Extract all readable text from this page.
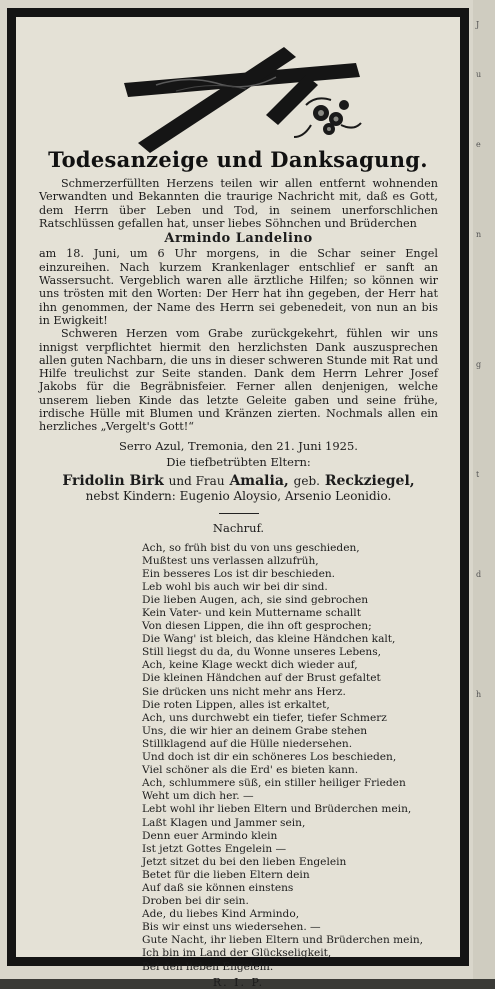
J
u
e
n
g
t
d
h
Todesanzeige und Danksagung.

Schmerzerfüllten Herzens teilen wir allen entfernt wohnenden Verwandten und Bekannten die traurige Nachricht mit, daß es Gott, dem Herrn über Leben und Tod, in seinem unerforschlichen Ratschlüssen gefallen hat, unser liebes Söhnchen und Brüderchen

Armindo Landelino

am 18. Juni, um 6 Uhr morgens, in die Schar seiner Engel einzureihen. Nach kurzem Krankenlager entschlief er sanft an Wassersucht. Vergeblich waren alle ärztliche Hilfen; so können wir uns trösten mit den Worten: Der Herr hat ihn gegeben, der Herr hat ihn genommen, der Name des Herrn sei gebenedeit, von nun an bis in Ewigkeit!

Schweren Herzen vom Grabe zurückgekehrt, fühlen wir uns innigst verpflichtet hiermit den herzlichsten Dank auszusprechen allen guten Nachbarn, die uns in dieser schweren Stunde mit Rat und Hilfe treulichst zur Seite standen. Dank dem Herrn Lehrer Josef Jakobs für die Begräbnisfeier. Ferner allen denjenigen, welche unserem lieben Kinde das letzte Geleite gaben und seine frühe, irdische Hülle mit Blumen und Kränzen zierten. Nochmals allen ein herzliches „Vergelt's Gott!“

Serro Azul, Tremonia, den 21. Juni 1925.
Die tiefbetrübten Eltern:
Fridolin Birk und Frau Amalia, geb. Reckziegel,
nebst Kindern: Eugenio Aloysio, Arsenio Leonidio.
Nachruf.
Ach, so früh bist du von uns geschieden,
Mußtest uns verlassen allzufrüh,
Ein besseres Los ist dir beschieden.
Leb wohl bis auch wir bei dir sind.
Die lieben Augen, ach, sie sind gebrochen
Kein Vater- und kein Muttername schallt
Von diesen Lippen, die ihn oft gesprochen;
Die Wang' ist bleich, das kleine Händchen kalt,
Still liegst du da, du Wonne unseres Lebens,
Ach, keine Klage weckt dich wieder auf,
Die kleinen Händchen auf der Brust gefaltet
Sie drücken uns nicht mehr ans Herz.
Die roten Lippen, alles ist erkaltet,
Ach, uns durchwebt ein tiefer, tiefer Schmerz
Uns, die wir hier an deinem Grabe stehen
Stillklagend auf die Hülle niedersehen.
Und doch ist dir ein schöneres Los beschieden,
Viel schöner als die Erd' es bieten kann.
Ach, schlummere süß, ein stiller heiliger Frieden
Weht um dich her. —
Lebt wohl ihr lieben Eltern und Brüderchen mein,
Laßt Klagen und Jammer sein,
Denn euer Armindo klein
Ist jetzt Gottes Engelein —
Jetzt sitzet du bei den lieben Engelein
Betet für die lieben Eltern dein
Auf daß sie können einstens
Droben bei dir sein.
Ade, du liebes Kind Armindo,
Bis wir einst uns wiedersehen. —
Gute Nacht, ihr lieben Eltern und Brüderchen mein,
Ich bin im Land der Glückseligkeit,
Bei den lieben Engelein.
R. I. P.
